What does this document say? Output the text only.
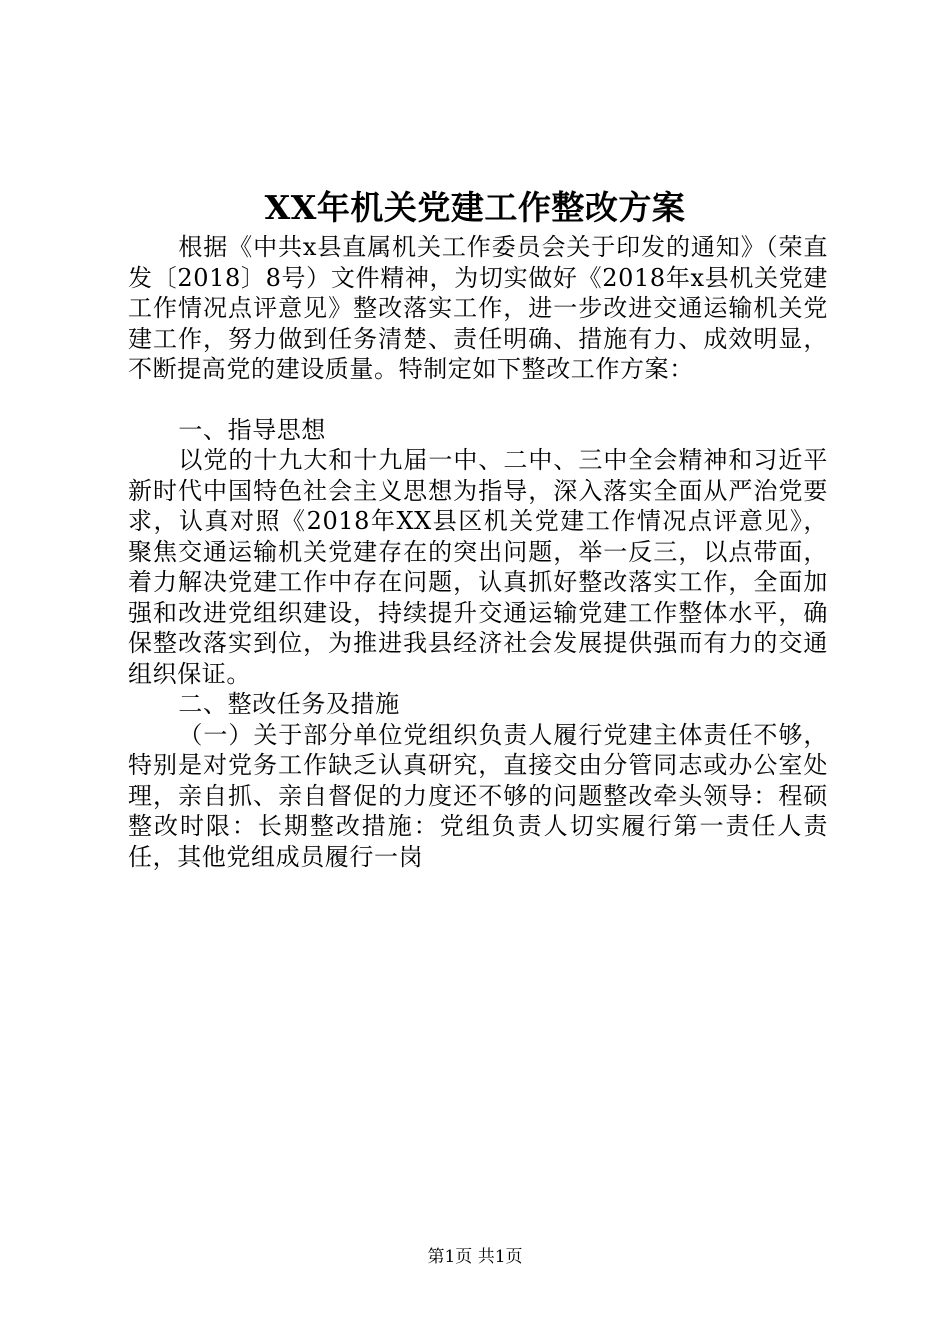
XX年机关党建工作整改方案

根据《中共x县直属机关工作委员会关于印发的通知》（荣直发〔2018〕8号）文件精神，为切实做好《2018年x县机关党建工作情况点评意见》整改落实工作，进一步改进交通运输机关党建工作，努力做到任务清楚、责任明确、措施有力、成效明显，不断提高党的建设质量。特制定如下整改工作方案：

一、指导思想

以党的十九大和十九届一中、二中、三中全会精神和习近平新时代中国特色社会主义思想为指导，深入落实全面从严治党要求，认真对照《2018年XX县区机关党建工作情况点评意见》，聚焦交通运输机关党建存在的突出问题，举一反三，以点带面，着力解决党建工作中存在问题，认真抓好整改落实工作，全面加强和改进党组织建设，持续提升交通运输党建工作整体水平，确保整改落实到位，为推进我县经济社会发展提供强而有力的交通组织保证。

二、整改任务及措施

（一）关于部分单位党组织负责人履行党建主体责任不够，特别是对党务工作缺乏认真研究，直接交由分管同志或办公室处理，亲自抓、亲自督促的力度还不够的问题整改牵头领导：程硕整改时限：长期整改措施：党组负责人切实履行第一责任人责任，其他党组成员履行一岗

第1页 共1页
